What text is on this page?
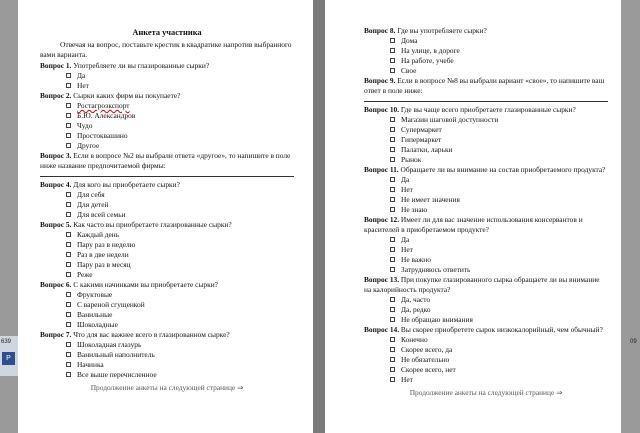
639
P
09
Анкета участника
Отвечая на вопрос, поставьте крестик в квадратике напротив выбранного вами варианта.
Вопрос 1. Употребляете ли вы глазированные сырки?
Да
Нет
Вопрос 2. Сырки каких фирм вы покупаете?
Ростагроэкспорт
Б.Ю. Александров
Чудо
Простоквашино
Другое
Вопрос 3. Если в вопросе №2 вы выбрали ответа «другое», то напишите в поле ниже название предпочитаемой фирмы:
Вопрос 4. Для кого вы приобретаете сырки?
Для себя
Для детей
Для всей семьи
Вопрос 5. Как часто вы приобретаете глазированные сырки?
Каждый день
Пару раз в неделю
Раз в две недели
Пару раз в месяц
Реже
Вопрос 6. С какими начинками вы приобретаете сырки?
Фруктовые
С вареной сгущенкой
Ванильные
Шоколадные
Вопрос 7. Что для вас важнее всего в глазированном сырке?
Шоколадная глазурь
Ванильный наполнитель
Начинка
Все выше перечисленное
Продолжение анкеты на следующей странице ⇒
Вопрос 8. Где вы употребляете сырки?
Дома
На улице, в дороге
На работе, учебе
Свое
Вопрос 9. Если в вопросе №8 вы выбрали вариант «свое», то напишите ваш ответ в поле ниже:
Вопрос 10. Где вы чаще всего приобретаете глазированные сырки?
Магазин шаговой доступности
Супермаркет
Гипермаркет
Палатки, ларьки
Рынок
Вопрос 11. Обращаете ли вы внимание на состав приобретаемого продукта?
Да
Нет
Не имеет значения
Не знаю
Вопрос 12. Имеет ли для вас значение использования консервантов и красителей в приобретаемом продукте?
Да
Нет
Не важно
Затрудняюсь ответить
Вопрос 13. При покупке глазированного сырка обращаете ли вы внимание на калорийность продукта?
Да, часто
Да, редко
Не обращаю внимания
Вопрос 14. Вы скорее приобретете сырок низкокалорийный, чем обычный?
Конечно
Скорее всего, да
Не обязательно
Скорее всего, нет
Нет
Продолжение анкеты на следующей странице ⇒
